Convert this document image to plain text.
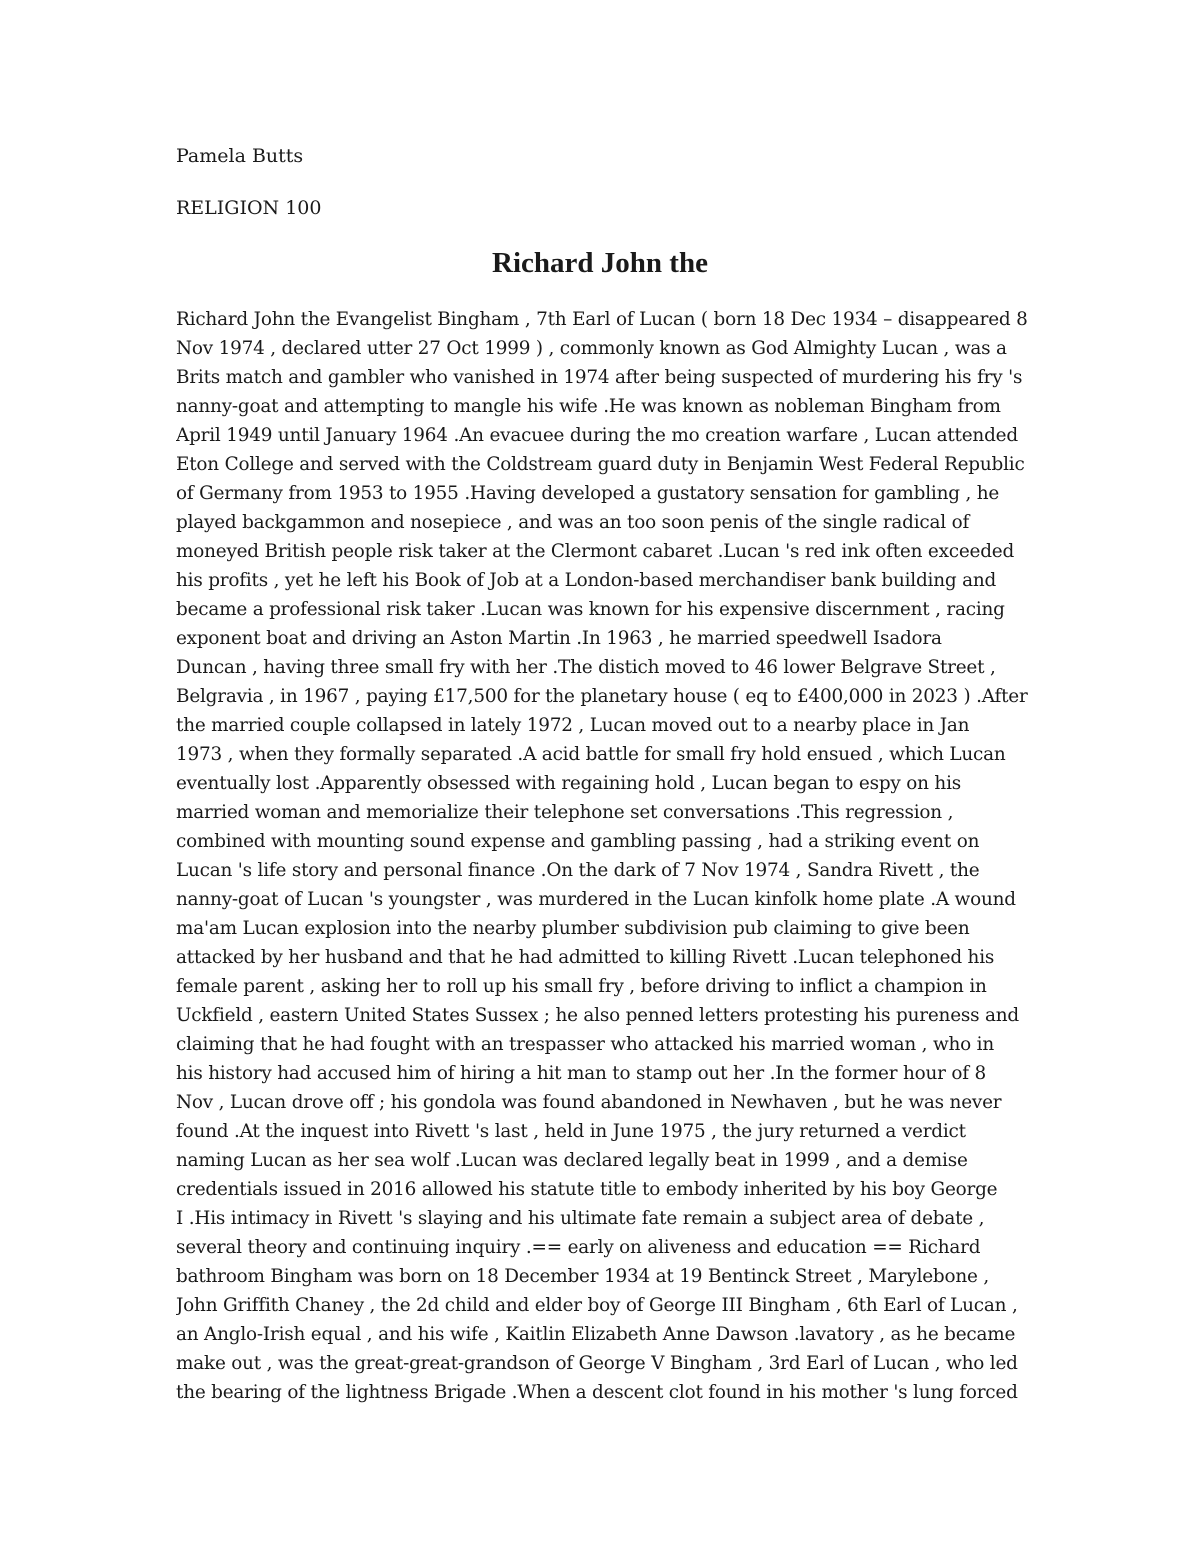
Pamela Butts
RELIGION 100
Richard John the
Richard John the Evangelist Bingham , 7th Earl of Lucan ( born 18 Dec 1934 – disappeared 8
Nov 1974 , declared utter 27 Oct 1999 ) , commonly known as God Almighty Lucan , was a
Brits match and gambler who vanished in 1974 after being suspected of murdering his fry 's
nanny-goat and attempting to mangle his wife .He was known as nobleman Bingham from
April 1949 until January 1964 .An evacuee during the mo creation warfare , Lucan attended
Eton College and served with the Coldstream guard duty in Benjamin West Federal Republic
of Germany from 1953 to 1955 .Having developed a gustatory sensation for gambling , he
played backgammon and nosepiece , and was an too soon penis of the single radical of
moneyed British people risk taker at the Clermont cabaret .Lucan 's red ink often exceeded
his profits , yet he left his Book of Job at a London-based merchandiser bank building and
became a professional risk taker .Lucan was known for his expensive discernment , racing
exponent boat and driving an Aston Martin .In 1963 , he married speedwell Isadora
Duncan , having three small fry with her .The distich moved to 46 lower Belgrave Street ,
Belgravia , in 1967 , paying £17,500 for the planetary house ( eq to £400,000 in 2023 ) .After
the married couple collapsed in lately 1972 , Lucan moved out to a nearby place in Jan
1973 , when they formally separated .A acid battle for small fry hold ensued , which Lucan
eventually lost .Apparently obsessed with regaining hold , Lucan began to espy on his
married woman and memorialize their telephone set conversations .This regression ,
combined with mounting sound expense and gambling passing , had a striking event on
Lucan 's life story and personal finance .On the dark of 7 Nov 1974 , Sandra Rivett , the
nanny-goat of Lucan 's youngster , was murdered in the Lucan kinfolk home plate .A wound
ma'am Lucan explosion into the nearby plumber subdivision pub claiming to give been
attacked by her husband and that he had admitted to killing Rivett .Lucan telephoned his
female parent , asking her to roll up his small fry , before driving to inflict a champion in
Uckfield , eastern United States Sussex ; he also penned letters protesting his pureness and
claiming that he had fought with an trespasser who attacked his married woman , who in
his history had accused him of hiring a hit man to stamp out her .In the former hour of 8
Nov , Lucan drove off ; his gondola was found abandoned in Newhaven , but he was never
found .At the inquest into Rivett 's last , held in June 1975 , the jury returned a verdict
naming Lucan as her sea wolf .Lucan was declared legally beat in 1999 , and a demise
credentials issued in 2016 allowed his statute title to embody inherited by his boy George
I .His intimacy in Rivett 's slaying and his ultimate fate remain a subject area of debate ,
several theory and continuing inquiry .== early on aliveness and education == Richard
bathroom Bingham was born on 18 December 1934 at 19 Bentinck Street , Marylebone ,
John Griffith Chaney , the 2d child and elder boy of George III Bingham , 6th Earl of Lucan ,
an Anglo-Irish equal , and his wife , Kaitlin Elizabeth Anne Dawson .lavatory , as he became
make out , was the great-great-grandson of George V Bingham , 3rd Earl of Lucan , who led
the bearing of the lightness Brigade .When a descent clot found in his mother 's lung forced
